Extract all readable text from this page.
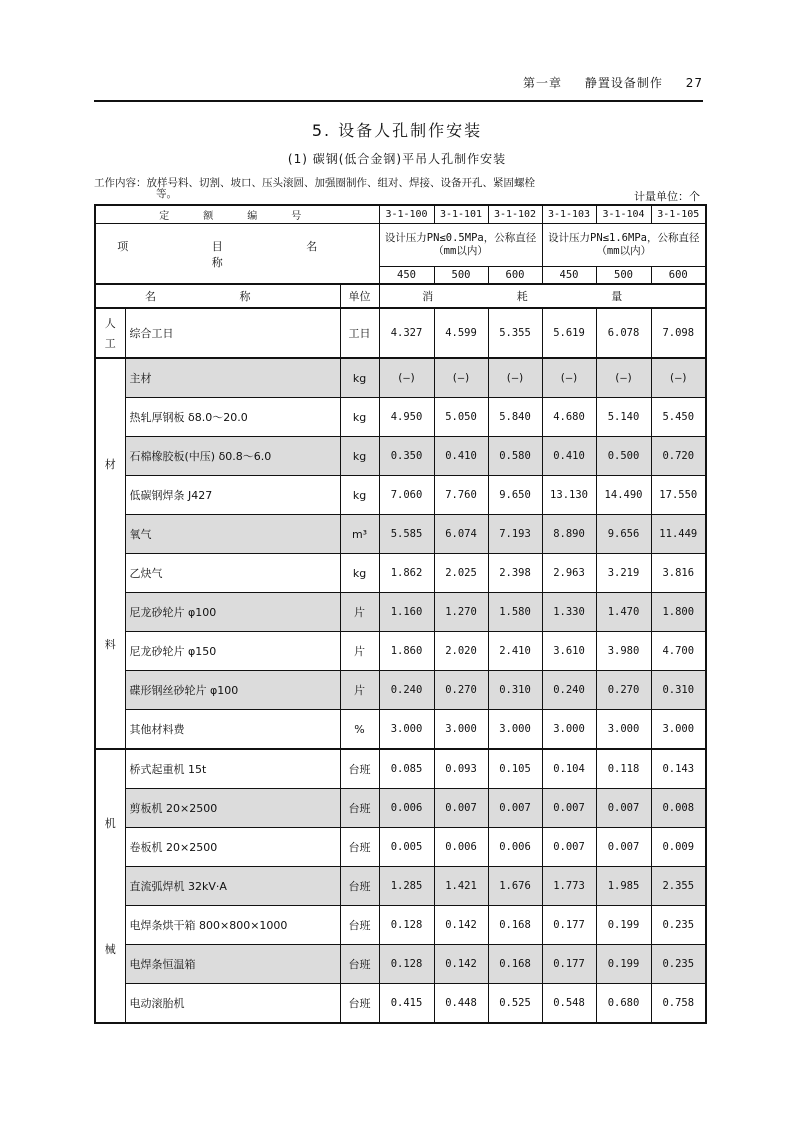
第一章 静置设备制作 27
5. 设备人孔制作安装
(1) 碳钢(低合金钢)平吊人孔制作安装
工作内容：放样号料、切割、坡口、压头滚圆、加强圈制作、组对、焊接、设备开孔、紧固螺栓
等。	计量单位：个
定 额 编 号			3-1-100	3-1-101	3-1-102	3-1-103	3-1-104	3-1-105
项 目 名 称			设计压力PN≤0.5MPa，公称直径（mm以内）			设计压力PN≤1.6MPa，公称直径（mm以内）		
			450	500	600	450	500	600
名 称		单位	消 耗 量					

人
工	综合工日	工日	4.327	4.599	5.355	5.619	6.078	7.098

材
料	主材	kg	(—)	(—)	(—)	(—)	(—)	(—)
	热轧厚钢板 δ8.0～20.0	kg	4.950	5.050	5.840	4.680	5.140	5.450
	石棉橡胶板(中压) δ0.8～6.0	kg	0.350	0.410	0.580	0.410	0.500	0.720
	低碳钢焊条 J427	kg	7.060	7.760	9.650	13.130	14.490	17.550
	氧气	m³	5.585	6.074	7.193	8.890	9.656	11.449
	乙炔气	kg	1.862	2.025	2.398	2.963	3.219	3.816
	尼龙砂轮片 φ100	片	1.160	1.270	1.580	1.330	1.470	1.800
	尼龙砂轮片 φ150	片	1.860	2.020	2.410	3.610	3.980	4.700
	碟形钢丝砂轮片 φ100	片	0.240	0.270	0.310	0.240	0.270	0.310
	其他材料费	%	3.000	3.000	3.000	3.000	3.000	3.000

机
械	桥式起重机 15t	台班	0.085	0.093	0.105	0.104	0.118	0.143
	剪板机 20×2500	台班	0.006	0.007	0.007	0.007	0.007	0.008
	卷板机 20×2500	台班	0.005	0.006	0.006	0.007	0.007	0.009
	直流弧焊机 32kV·A	台班	1.285	1.421	1.676	1.773	1.985	2.355
	电焊条烘干箱 800×800×1000	台班	0.128	0.142	0.168	0.177	0.199	0.235
	电焊条恒温箱	台班	0.128	0.142	0.168	0.177	0.199	0.235
	电动滚胎机	台班	0.415	0.448	0.525	0.548	0.680	0.758
